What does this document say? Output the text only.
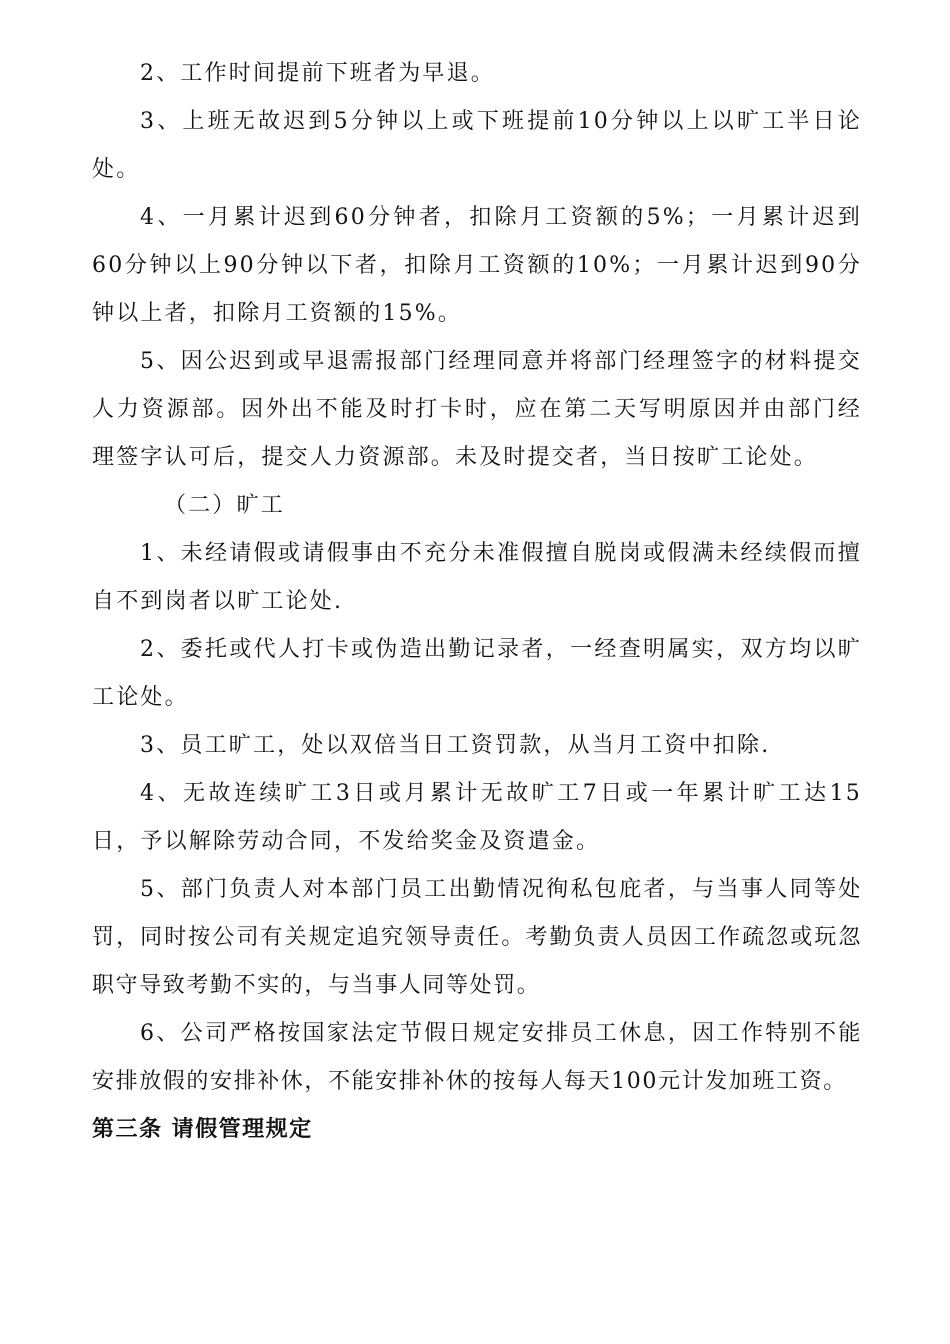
2、工作时间提前下班者为早退。

3、上班无故迟到5分钟以上或下班提前10分钟以上以旷工半日论处。

4、一月累计迟到60分钟者，扣除月工资额的5%；一月累计迟到60分钟以上90分钟以下者，扣除月工资额的10%；一月累计迟到90分钟以上者，扣除月工资额的15%。

5、因公迟到或早退需报部门经理同意并将部门经理签字的材料提交人力资源部。因外出不能及时打卡时，应在第二天写明原因并由部门经理签字认可后，提交人力资源部。未及时提交者，当日按旷工论处。

（二）旷工

1、未经请假或请假事由不充分未准假擅自脱岗或假满未经续假而擅自不到岗者以旷工论处.

2、委托或代人打卡或伪造出勤记录者，一经查明属实，双方均以旷工论处。

3、员工旷工，处以双倍当日工资罚款，从当月工资中扣除.

4、无故连续旷工3日或月累计无故旷工7日或一年累计旷工达15日，予以解除劳动合同，不发给奖金及资遣金。

5、部门负责人对本部门员工出勤情况徇私包庇者，与当事人同等处罚，同时按公司有关规定追究领导责任。考勤负责人员因工作疏忽或玩忽职守导致考勤不实的，与当事人同等处罚。

6、公司严格按国家法定节假日规定安排员工休息，因工作特别不能安排放假的安排补休，不能安排补休的按每人每天100元计发加班工资。

第三条 请假管理规定
